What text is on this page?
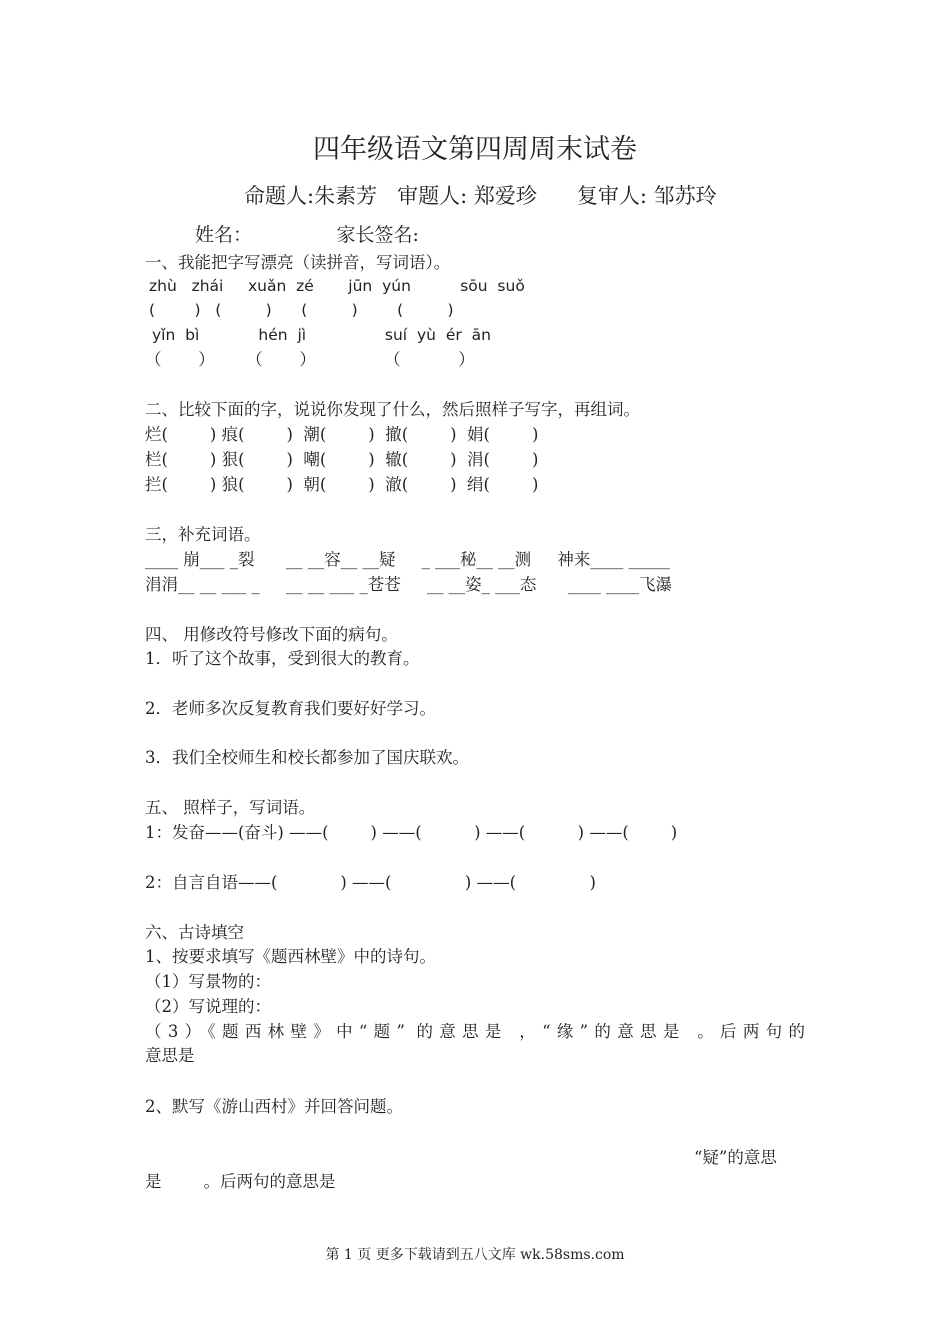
四年级语文第四周周末试卷
命题人:朱素芳   审题人: 郑爱珍      复审人: 邹苏玲
姓名：              家长签名:
一、我能把字写漂亮（读拼音，写词语）。
zhù   zhái     xuǎn  zé       jūn  yún          sōu  suǒ
(        )   (         )      (         )        (         )
yǐn  bì            hén  jì                suí  yù  ér  ān
（       ）      （       ）             （           ）
二、比较下面的字，说说你发现了什么，然后照样子写字，再组词。
烂(        ) 痕(        )  潮(        )  撤(        )  娟(        )
栏(        ) 狠(        )  嘲(        )  辙(        )  涓(        )
拦(        ) 狼(        )  朝(        )  澈(        )  绢(        )
三，补充词语。
____ 崩___ _裂      __ __容__ __疑     _ ___秘__ __测     神来____ _____
涓涓__ __ ___ _     __ __ ___ _苍苍     __ __姿_ ___态      ____ ____飞瀑
四、 用修改符号修改下面的病句。
1．听了这个故事，受到很大的教育。
2．老师多次反复教育我们要好好学习。
3．我们全校师生和校长都参加了国庆联欢。
五、 照样子，写词语。
1：发奋——(奋斗) ——(        ) ——(          ) ——(          ) ——(        )
2：自言自语——(            ) ——(              ) ——(              )
六、古诗填空
1、按要求填写《题西林壁》中的诗句。
（1）写景物的：
（2）写说理的：
（3）《题西林壁》中“题” 的意思是 ，“缘”的意思是 。后两句的
意思是
2、默写《游山西村》并回答问题。
“疑”的意思
是        。后两句的意思是
第 1 页 更多下载请到五八文库 wk.58sms.com
